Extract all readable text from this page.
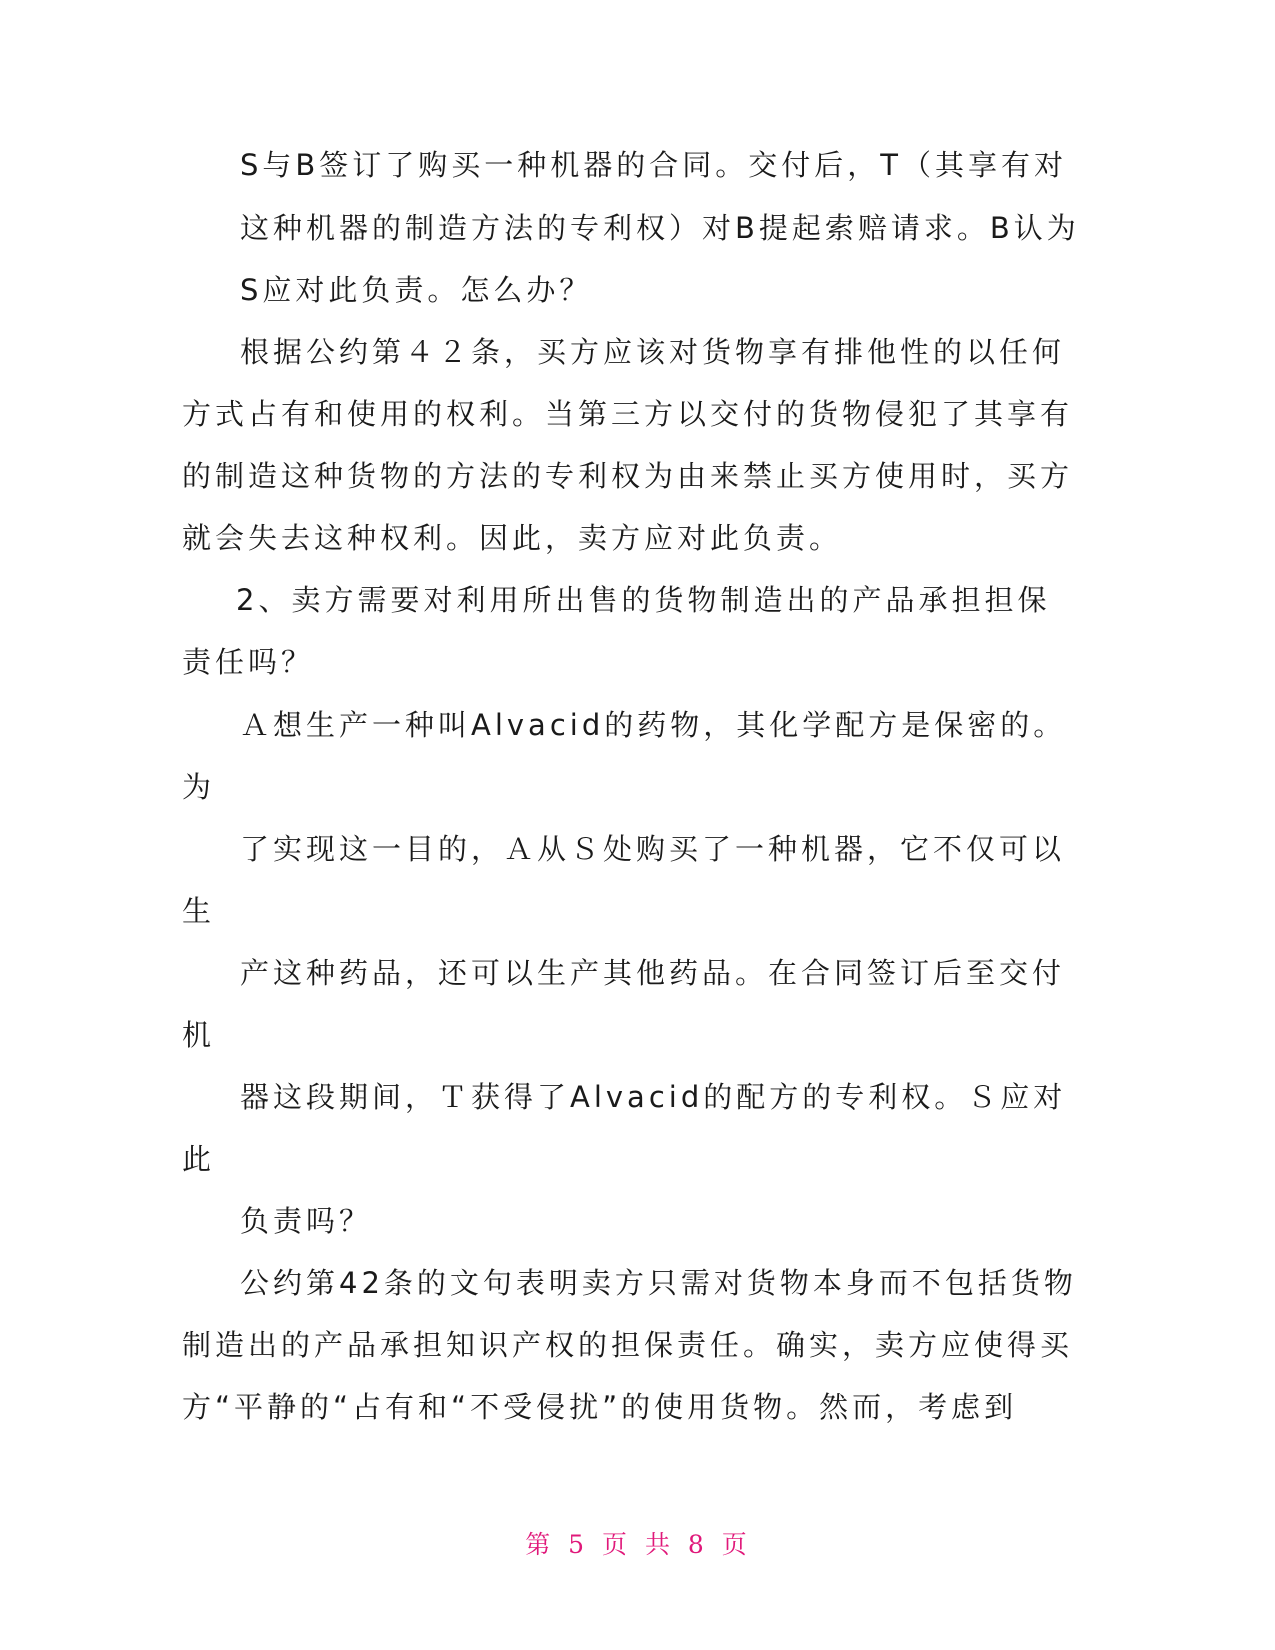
S与B签订了购买一种机器的合同。交付后，T（其享有对
这种机器的制造方法的专利权）对B提起索赔请求。B认为
S应对此负责。怎么办？
根据公约第４２条，买方应该对货物享有排他性的以任何
方式占有和使用的权利。当第三方以交付的货物侵犯了其享有
的制造这种货物的方法的专利权为由来禁止买方使用时，买方
就会失去这种权利。因此，卖方应对此负责。
2、卖方需要对利用所出售的货物制造出的产品承担担保
责任吗？
Ａ想生产一种叫Alvacid的药物，其化学配方是保密的。
为
了实现这一目的，Ａ从Ｓ处购买了一种机器，它不仅可以
生
产这种药品，还可以生产其他药品。在合同签订后至交付
机
器这段期间，Ｔ获得了Alvacid的配方的专利权。Ｓ应对
此
负责吗？
公约第42条的文句表明卖方只需对货物本身而不包括货物
制造出的产品承担知识产权的担保责任。确实，卖方应使得买
方“平静的“占有和“不受侵扰”的使用货物。然而，考虑到
第 5 页 共 8 页
